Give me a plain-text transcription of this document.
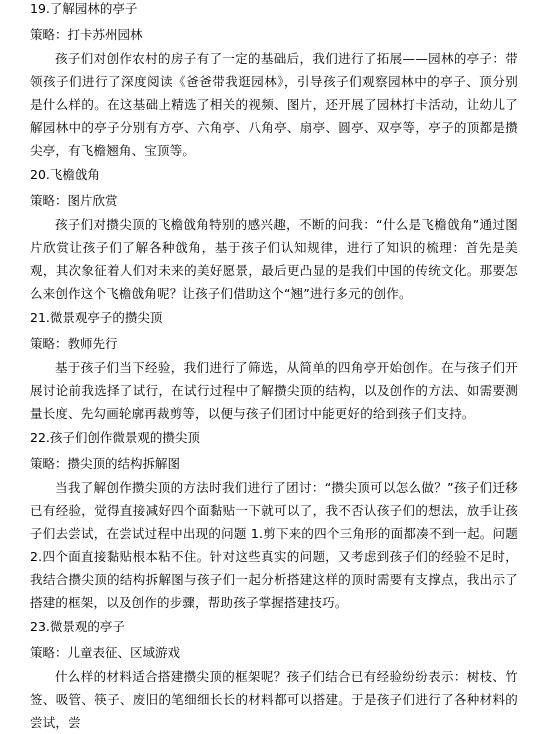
19.了解园林的亭子
策略：打卡苏州园林
孩子们对创作农村的房子有了一定的基础后，我们进行了拓展——园林的亭子：带领孩子们进行了深度阅读《爸爸带我逛园林》，引导孩子们观察园林中的亭子、顶分别是什么样的。在这基础上精选了相关的视频、图片，还开展了园林打卡活动，让幼儿了解园林中的亭子分别有方亭、六角亭、八角亭、扇亭、圆亭、双亭等，亭子的顶都是攒尖亭，有飞檐翘角、宝顶等。
20.飞檐戗角
策略：图片欣赏
孩子们对攒尖顶的飞檐戗角特别的感兴趣，不断的问我：“什么是飞檐戗角”通过图片欣赏让孩子们了解各种戗角，基于孩子们认知规律，进行了知识的梳理：首先是美观，其次象征着人们对未来的美好愿景，最后更凸显的是我们中国的传统文化。那要怎么来创作这个飞檐戗角呢？让孩子们借助这个“翘”进行多元的创作。
21.微景观亭子的攒尖顶
策略：教师先行
基于孩子们当下经验，我们进行了筛选，从简单的四角亭开始创作。在与孩子们开展讨论前我选择了试行，在试行过程中了解攒尖顶的结构，以及创作的方法、如需要测量长度、先勾画轮廓再裁剪等，以便与孩子们团讨中能更好的给到孩子们支持。
22.孩子们创作微景观的攒尖顶
策略：攒尖顶的结构拆解图
当我了解创作攒尖顶的方法时我们进行了团讨：“攒尖顶可以怎么做？”孩子们迁移已有经验，觉得直接减好四个面黏贴一下就可以了，我不否认孩子们的想法，放手让孩子们去尝试，在尝试过程中出现的问题 1.剪下来的四个三角形的面都凑不到一起。问题 2.四个面直接黏贴根本粘不住。针对这些真实的问题，又考虑到孩子们的经验不足时，我结合攒尖顶的结构拆解图与孩子们一起分析搭建这样的顶时需要有支撑点，我出示了搭建的框架，以及创作的步骤，帮助孩子掌握搭建技巧。
23.微景观的亭子
策略：儿童表征、区域游戏
什么样的材料适合搭建攒尖顶的框架呢？孩子们结合已有经验纷纷表示：树枝、竹签、吸管、筷子、废旧的笔细细长长的材料都可以搭建。于是孩子们进行了各种材料的尝试，尝
